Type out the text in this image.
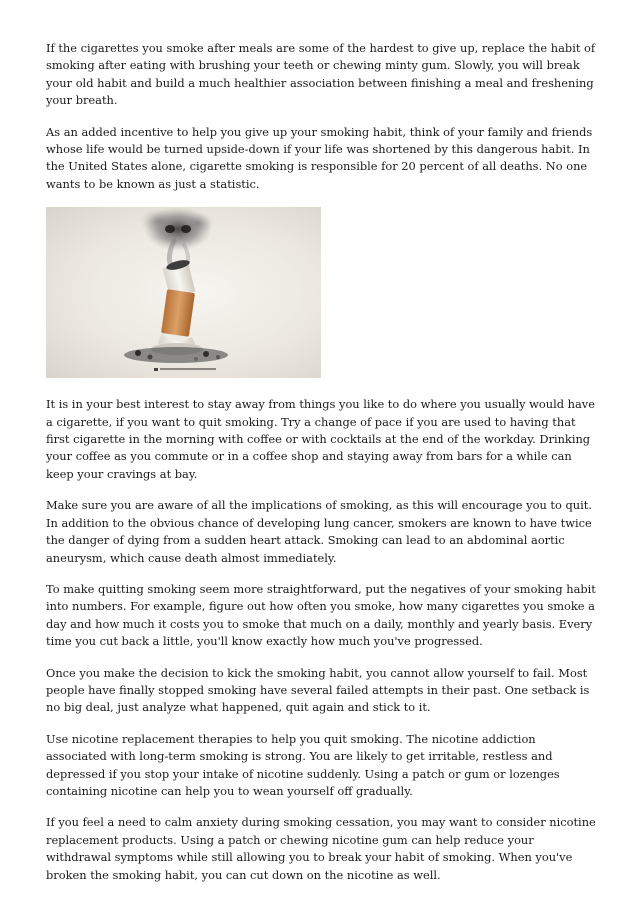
If the cigarettes you smoke after meals are some of the hardest to give up, replace the habit of smoking after eating with brushing your teeth or chewing minty gum. Slowly, you will break your old habit and build a much healthier association between finishing a meal and freshening your breath.

As an added incentive to help you give up your smoking habit, think of your family and friends whose life would be turned upside-down if your life was shortened by this dangerous habit. In the United States alone, cigarette smoking is responsible for 20 percent of all deaths. No one wants to be known as just a statistic.

It is in your best interest to stay away from things you like to do where you usually would have a cigarette, if you want to quit smoking. Try a change of pace if you are used to having that first cigarette in the morning with coffee or with cocktails at the end of the workday. Drinking your coffee as you commute or in a coffee shop and staying away from bars for a while can keep your cravings at bay.

Make sure you are aware of all the implications of smoking, as this will encourage you to quit. In addition to the obvious chance of developing lung cancer, smokers are known to have twice the danger of dying from a sudden heart attack. Smoking can lead to an abdominal aortic aneurysm, which cause death almost immediately.

To make quitting smoking seem more straightforward, put the negatives of your smoking habit into numbers. For example, figure out how often you smoke, how many cigarettes you smoke a day and how much it costs you to smoke that much on a daily, monthly and yearly basis. Every time you cut back a little, you'll know exactly how much you've progressed.

Once you make the decision to kick the smoking habit, you cannot allow yourself to fail. Most people have finally stopped smoking have several failed attempts in their past. One setback is no big deal, just analyze what happened, quit again and stick to it.

Use nicotine replacement therapies to help you quit smoking. The nicotine addiction associated with long-term smoking is strong. You are likely to get irritable, restless and depressed if you stop your intake of nicotine suddenly. Using a patch or gum or lozenges containing nicotine can help you to wean yourself off gradually.

If you feel a need to calm anxiety during smoking cessation, you may want to consider nicotine replacement products. Using a patch or chewing nicotine gum can help reduce your withdrawal symptoms while still allowing you to break your habit of smoking. When you've broken the smoking habit, you can cut down on the nicotine as well.
